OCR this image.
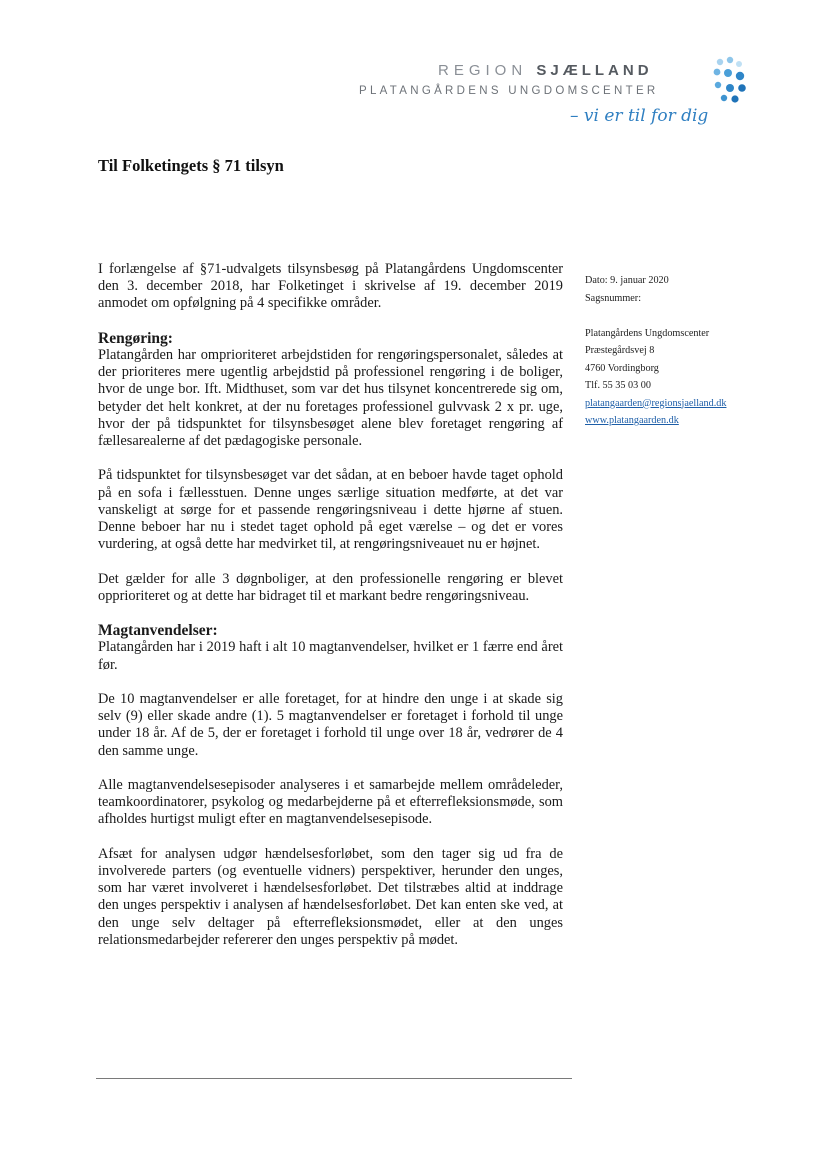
REGION SJÆLLAND
PLATANGÅRDENS UNGDOMSCENTER
– vi er til for dig
Til Folketingets § 71 tilsyn

I forlængelse af §71-udvalgets tilsynsbesøg på Platangårdens Ungdomscenter den 3. december 2018, har Folketinget i skrivelse af 19. december 2019 anmodet om opfølgning på 4 specifikke områder.

Rengøring:

Platangården har omprioriteret arbejdstiden for rengøringspersonalet, således at der prioriteres mere ugentlig arbejdstid på professionel rengøring i de boliger, hvor de unge bor. Ift. Midthuset, som var det hus tilsynet koncentrerede sig om, betyder det helt konkret, at der nu foretages professionel gulvvask 2 x pr. uge, hvor der på tidspunktet for tilsynsbesøget alene blev foretaget rengøring af fællesarealerne af det pædagogiske personale.

På tidspunktet for tilsynsbesøget var det sådan, at en beboer havde taget ophold på en sofa i fællesstuen. Denne unges særlige situation medførte, at det var vanskeligt at sørge for et passende rengøringsniveau i dette hjørne af stuen. Denne beboer har nu i stedet taget ophold på eget værelse – og det er vores vurdering, at også dette har medvirket til, at rengøringsniveauet nu er højnet.

Det gælder for alle 3 døgnboliger, at den professionelle rengøring er blevet opprioriteret og at dette har bidraget til et markant bedre rengøringsniveau.

Magtanvendelser:

Platangården har i 2019 haft i alt 10 magtanvendelser, hvilket er 1 færre end året før.

De 10 magtanvendelser er alle foretaget, for at hindre den unge i at skade sig selv (9) eller skade andre (1). 5 magtanvendelser er foretaget i forhold til unge under 18 år. Af de 5, der er foretaget i forhold til unge over 18 år, vedrører de 4 den samme unge.

Alle magtanvendelsesepisoder analyseres i et samarbejde mellem områdeleder, teamkoordinatorer, psykolog og medarbejderne på et efterrefleksionsmøde, som afholdes hurtigst muligt efter en magtanvendelsesepisode.

Afsæt for analysen udgør hændelsesforløbet, som den tager sig ud fra de involverede parters (og eventuelle vidners) perspektiver, herunder den unges, som har været involveret i hændelsesforløbet. Det tilstræbes altid at inddrage den unges perspektiv i analysen af hændelsesforløbet. Det kan enten ske ved, at den unge selv deltager på efterrefleksionsmødet, eller at den unges relationsmedarbejder refererer den unges perspektiv på mødet.

Dato: 9. januar 2020
Sagsnummer:
Platangårdens Ungdomscenter
Præstegårdsvej 8
4760 Vordingborg
Tlf. 55 35 03 00
platangaarden@regionsjaelland.dk
www.platangaarden.dk
